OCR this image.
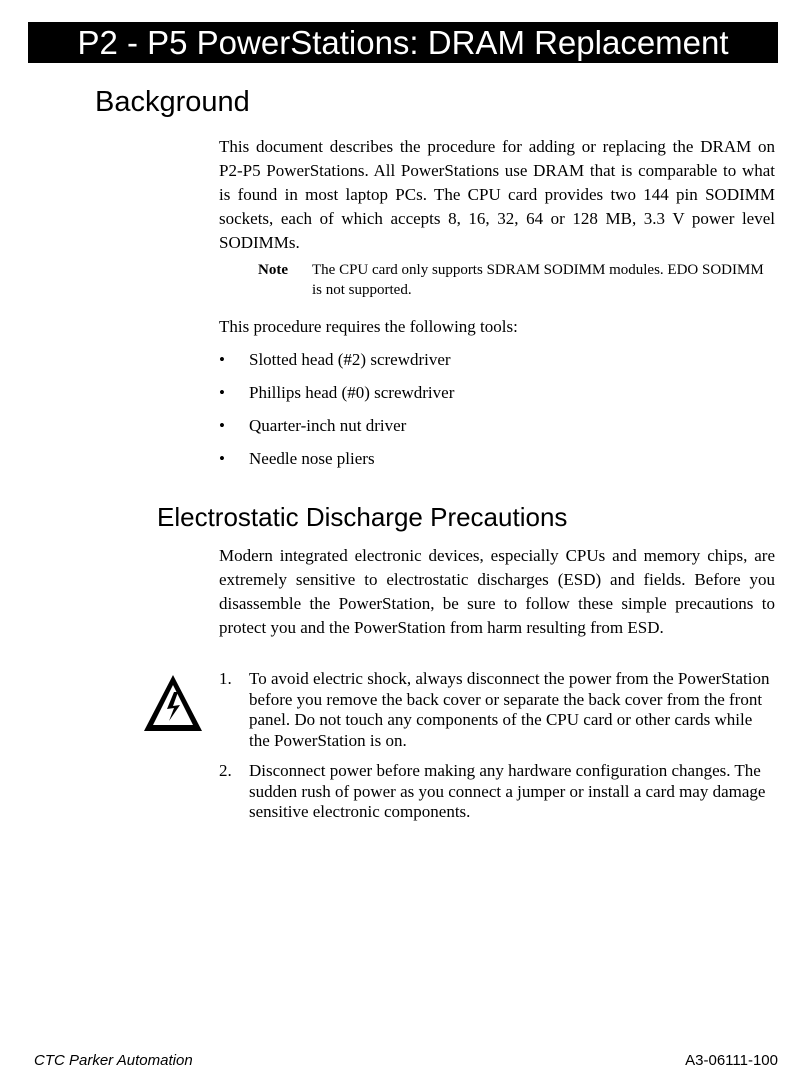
P2 - P5 PowerStations: DRAM Replacement
Background
This document describes the procedure for adding or replacing the DRAM on P2-P5 PowerStations. All PowerStations use DRAM that is comparable to what is found in most laptop PCs. The CPU card provides two 144 pin SODIMM sockets, each of which accepts 8, 16, 32, 64 or 128 MB, 3.3 V power level SODIMMs.
Note The CPU card only supports SDRAM SODIMM modules. EDO SODIMM is not supported.
This procedure requires the following tools:
• Slotted head (#2) screwdriver
• Phillips head (#0) screwdriver
• Quarter-inch nut driver
• Needle nose pliers
Electrostatic Discharge Precautions
Modern integrated electronic devices, especially CPUs and memory chips, are extremely sensitive to electrostatic discharges (ESD) and fields. Before you disassemble the PowerStation, be sure to follow these simple precautions to protect you and the PowerStation from harm resulting from ESD.
1. To avoid electric shock, always disconnect the power from the PowerStation before you remove the back cover or separate the back cover from the front panel. Do not touch any components of the CPU card or other cards while the PowerStation is on.
2. Disconnect power before making any hardware configuration changes. The sudden rush of power as you connect a jumper or install a card may damage sensitive electronic components.
CTC Parker Automation	A3-06111-100
